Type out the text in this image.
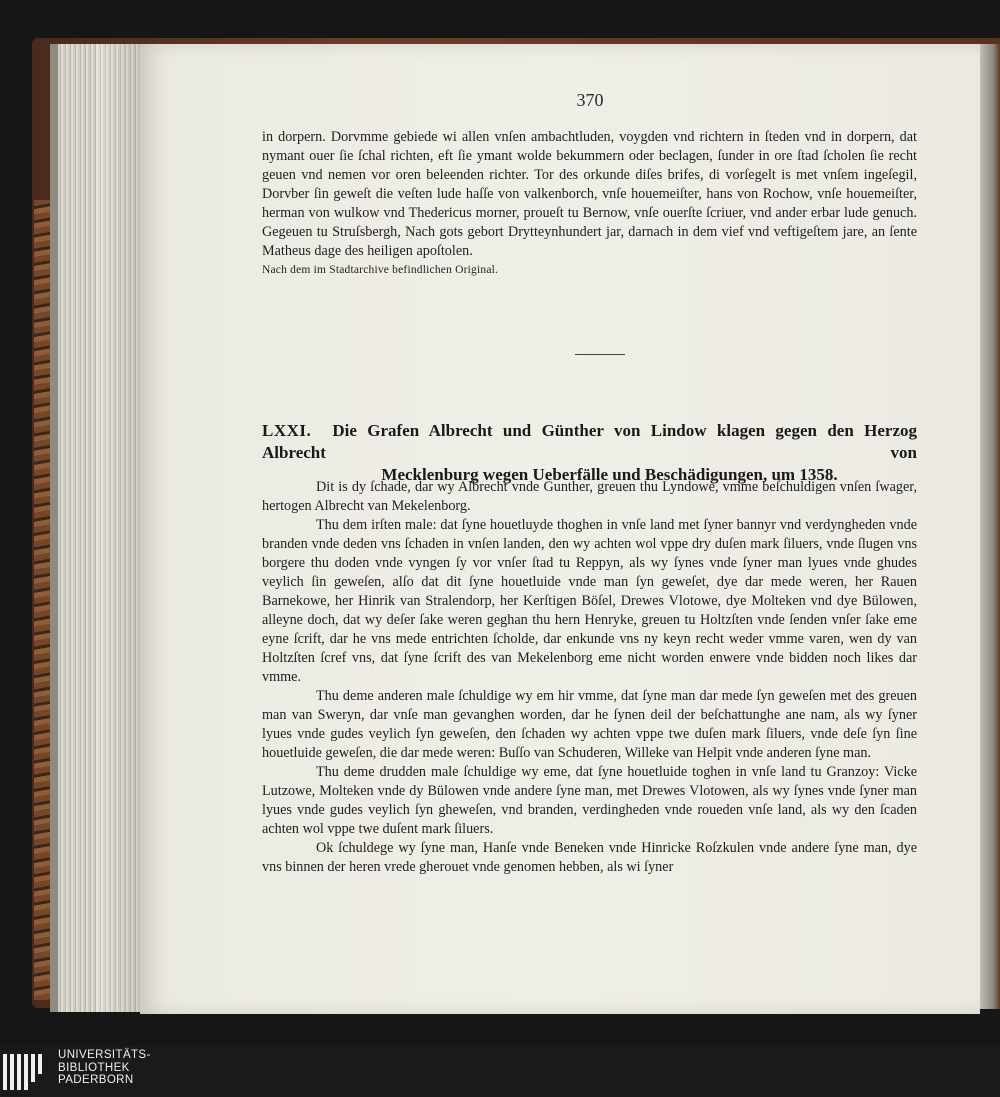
370

in dorpern. Dorvmme gebiede wi allen vnſen ambachtluden, voygden vnd richtern in ſteden vnd in dorpern, dat nymant ouer ſie ſchal richten, eft ſie ymant wolde bekummern oder beclagen, ſunder in ore ſtad ſcholen ſie recht geuen vnd nemen vor oren beleenden richter. Tor des orkunde diſes brifes, di vorſegelt is met vnſem ingeſegil, Dorvber ſin geweſt die veſten lude haſſe von valkenborch, vnſe houemeiſter, hans von Rochow, vnſe houemeiſter, herman von wulkow vnd Thedericus morner, proueſt tu Bernow, vnſe ouerſte ſcriuer, vnd ander erbar lude genuch. Gegeuen tu Struſsbergh, Nach gots gebort Drytteynhundert jar, darnach in dem vief vnd veftigeſtem jare, an ſente Matheus dage des heiligen apoſtolen.

Nach dem im Stadtarchive befindlichen Original.

LXXI. Die Grafen Albrecht und Günther von Lindow klagen gegen den Herzog Albrecht von
Mecklenburg wegen Ueberfälle und Beschädigungen, um 1358.

Dit is dy ſchade, dar wy Albrecht vnde Gunther, greuen thu Lyndowe, vmme beſchuldigen vnſen ſwager, hertogen Albrecht van Mekelenborg.

Thu dem irſten male: dat ſyne houetluyde thoghen in vnſe land met ſyner bannyr vnd verdyngheden vnde branden vnde deden vns ſchaden in vnſen landen, den wy achten wol vppe dry duſen mark ſiluers, vnde ſlugen vns borgere thu doden vnde vyngen ſy vor vnſer ſtad tu Reppyn, als wy ſynes vnde ſyner man lyues vnde ghudes veylich ſin geweſen, alſo dat dit ſyne houetluide vnde man ſyn geweſet, dye dar mede weren, her Rauen Barnekowe, her Hinrik van Stralendorp, her Kerſtigen Böſel, Drewes Vlotowe, dye Molteken vnd dye Bülowen, alleyne doch, dat wy deſer ſake weren geghan thu hern Henryke, greuen tu Holtzſten vnde ſenden vnſer ſake eme eyne ſcrift, dar he vns mede entrichten ſcholde, dar enkunde vns ny keyn recht weder vmme varen, wen dy van Holtzſten ſcref vns, dat ſyne ſcrift des van Mekelenborg eme nicht worden enwere vnde bidden noch likes dar vmme.

Thu deme anderen male ſchuldige wy em hir vmme, dat ſyne man dar mede ſyn geweſen met des greuen man van Sweryn, dar vnſe man gevanghen worden, dar he ſynen deil der beſchattunghe ane nam, als wy ſyner lyues vnde gudes veylich ſyn geweſen, den ſchaden wy achten vppe twe duſen mark ſiluers, vnde deſe ſyn ſine houetluide geweſen, die dar mede weren: Buſſo van Schuderen, Willeke van Helpit vnde anderen ſyne man.

Thu deme drudden male ſchuldige wy eme, dat ſyne houetluide toghen in vnſe land tu Granzoy: Vicke Lutzowe, Molteken vnde dy Bülowen vnde andere ſyne man, met Drewes Vlotowen, als wy ſynes vnde ſyner man lyues vnde gudes veylich ſyn gheweſen, vnd branden, verdingheden vnde roueden vnſe land, als wy den ſcaden achten wol vppe twe duſent mark ſiluers.

Ok ſchuldege wy ſyne man, Hanſe vnde Beneken vnde Hinricke Roſzkulen vnde andere ſyne man, dye vns binnen der heren vrede gherouet vnde genomen hebben, als wi ſyner

UNIVERSITÄTS-
BIBLIOTHEK
PADERBORN
